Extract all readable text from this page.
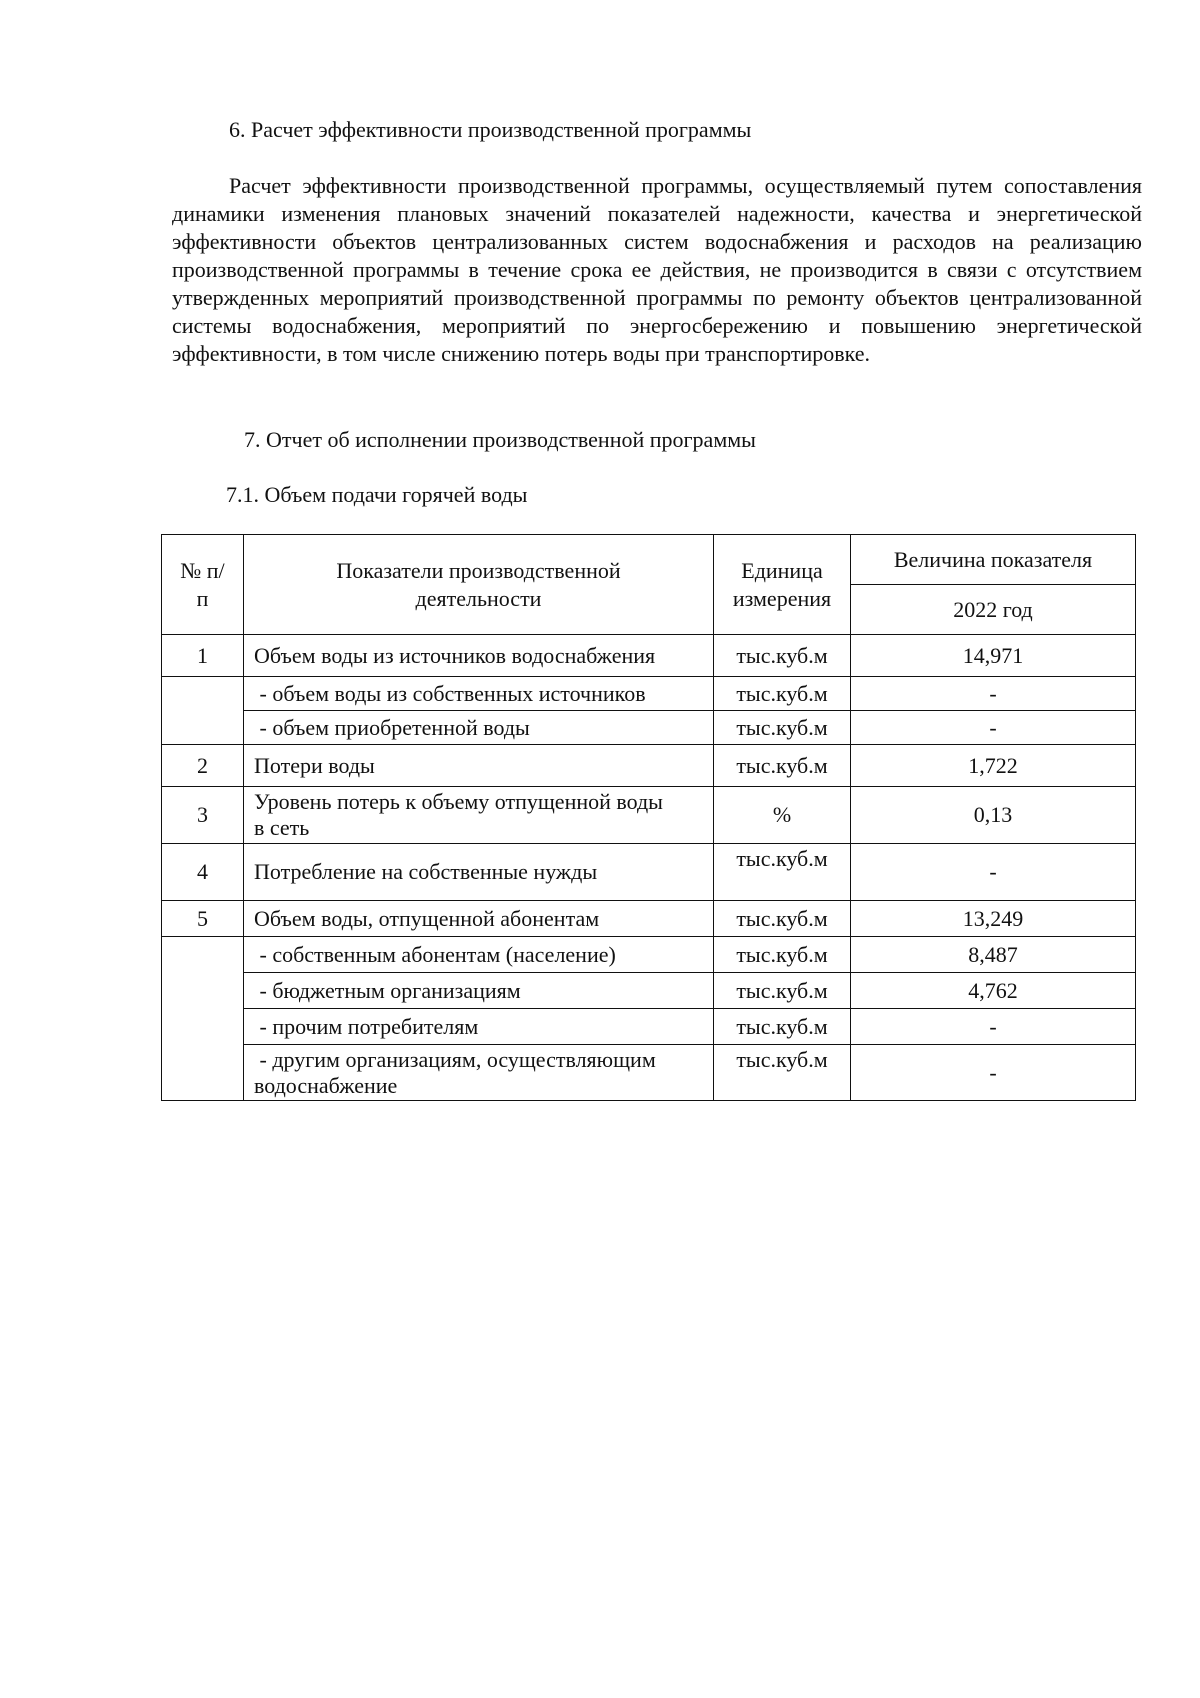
6. Расчет эффективности производственной программы

Расчет эффективности производственной программы, осуществляемый путем сопоставления динамики изменения плановых значений показателей надежности, качества и энергетической эффективности объектов централизованных систем водоснабжения и расходов на реализацию производственной программы в течение срока ее действия, не производится в связи с отсутствием утвержденных мероприятий производственной программы по ремонту объектов централизованной системы водоснабжения, мероприятий по энергосбережению и повышению энергетической эффективности, в том числе снижению потерь воды при транспортировке.

7. Отчет об исполнении производственной программы
7.1. Объем подачи горячей воды
№ п/п	Показатели производственной деятельности	Единица измерения	Величина показателя
			2022 год
1	Объем воды из источников водоснабжения	тыс.куб.м	14,971
	- объем воды из собственных источников	тыс.куб.м	-
	- объем приобретенной воды	тыс.куб.м	-
2	Потери воды	тыс.куб.м	1,722
3	Уровень потерь к объему отпущенной воды в сеть	%	0,13
4	Потребление на собственные нужды	тыс.куб.м	-
5	Объем воды, отпущенной абонентам	тыс.куб.м	13,249
	- собственным абонентам (население)	тыс.куб.м	8,487
	- бюджетным организациям	тыс.куб.м	4,762
	- прочим потребителям	тыс.куб.м	-
	- другим организациям, осуществляющим водоснабжение	тыс.куб.м	-
